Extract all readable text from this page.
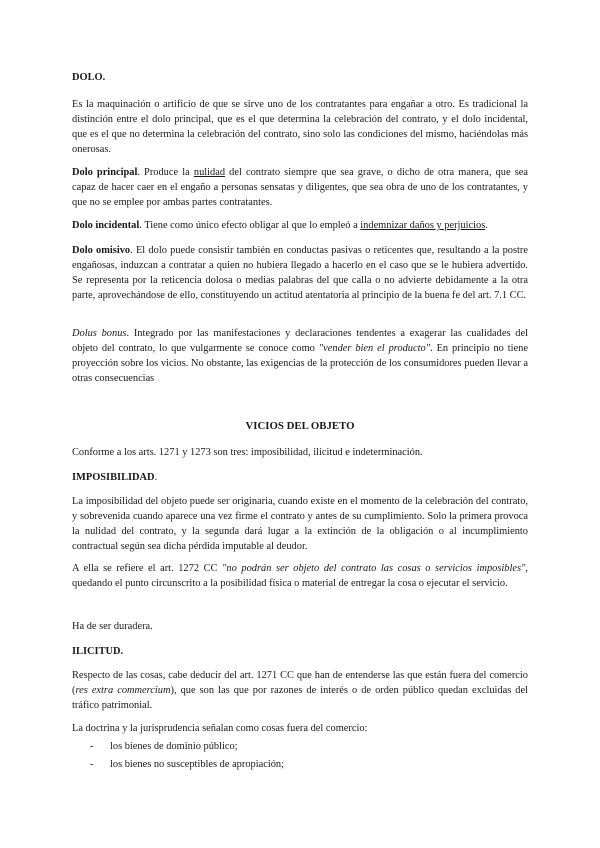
DOLO.

Es la maquinación o artificio de que se sirve uno de los contratantes para engañar a otro. Es tradicional la distinción entre el dolo principal, que es el que determina la celebración del contrato, y el dolo incidental, que es el que no determina la celebración del contrato, sino solo las condiciones del mismo, haciéndolas más onerosas.

Dolo principal. Produce la nulidad del contrato siempre que sea grave, o dicho de otra manera, que sea capaz de hacer caer en el engaño a personas sensatas y diligentes, que sea obra de uno de los contratantes, y que no se emplee por ambas partes contratantes.

Dolo incidental. Tiene como único efecto obligar al que lo empleó a indemnizar daños y perjuicios.

Dolo omisivo. El dolo puede consistir también en conductas pasivas o reticentes que, resultando a la postre engañosas, induzcan a contratar a quien no hubiera llegado a hacerlo en el caso que se le hubiera advertido. Se representa por la reticencia dolosa o medias palabras del que calla o no advierte debidamente a la otra parte, aprovechándose de ello, constituyendo un actitud atentatoria al principio de la buena fe del art. 7.1 CC.

Dolus bonus. Integrado por las manifestaciones y declaraciones tendentes a exagerar las cualidades del objeto del contrato, lo que vulgarmente se conoce como "vender bien el producto". En principio no tiene proyección sobre los vicios. No obstante, las exigencias de la protección de los consumidores pueden llevar a otras consecuencias

VICIOS DEL OBJETO

Conforme a los arts. 1271 y 1273 son tres: imposibilidad, ilicitud e indeterminación.

IMPOSIBILIDAD.

La imposibilidad del objeto puede ser originaria, cuando existe en el momento de la celebración del contrato, y sobrevenida cuando aparece una vez firme el contrato y antes de su cumplimiento. Solo la primera provoca la nulidad del contrato, y la segunda dará lugar a la extinción de la obligación o al incumplimiento contractual según sea dicha pérdida imputable al deudor.

A ella se refiere el art. 1272 CC "no podrán ser objeto del contrato las cosas o servicios imposibles", quedando el punto circunscrito a la posibilidad física o material de entregar la cosa o ejecutar el servicio.

Ha de ser duradera.

ILICITUD.

Respecto de las cosas, cabe deducir del art. 1271 CC que han de entenderse las que están fuera del comercio (res extra commercium), que son las que por razones de interés o de orden público quedan excluidas del tráfico patrimonial.

La doctrina y la jurisprudencia señalan como cosas fuera del comercio:

- los bienes de dominio público;
- los bienes no susceptibles de apropiación;
